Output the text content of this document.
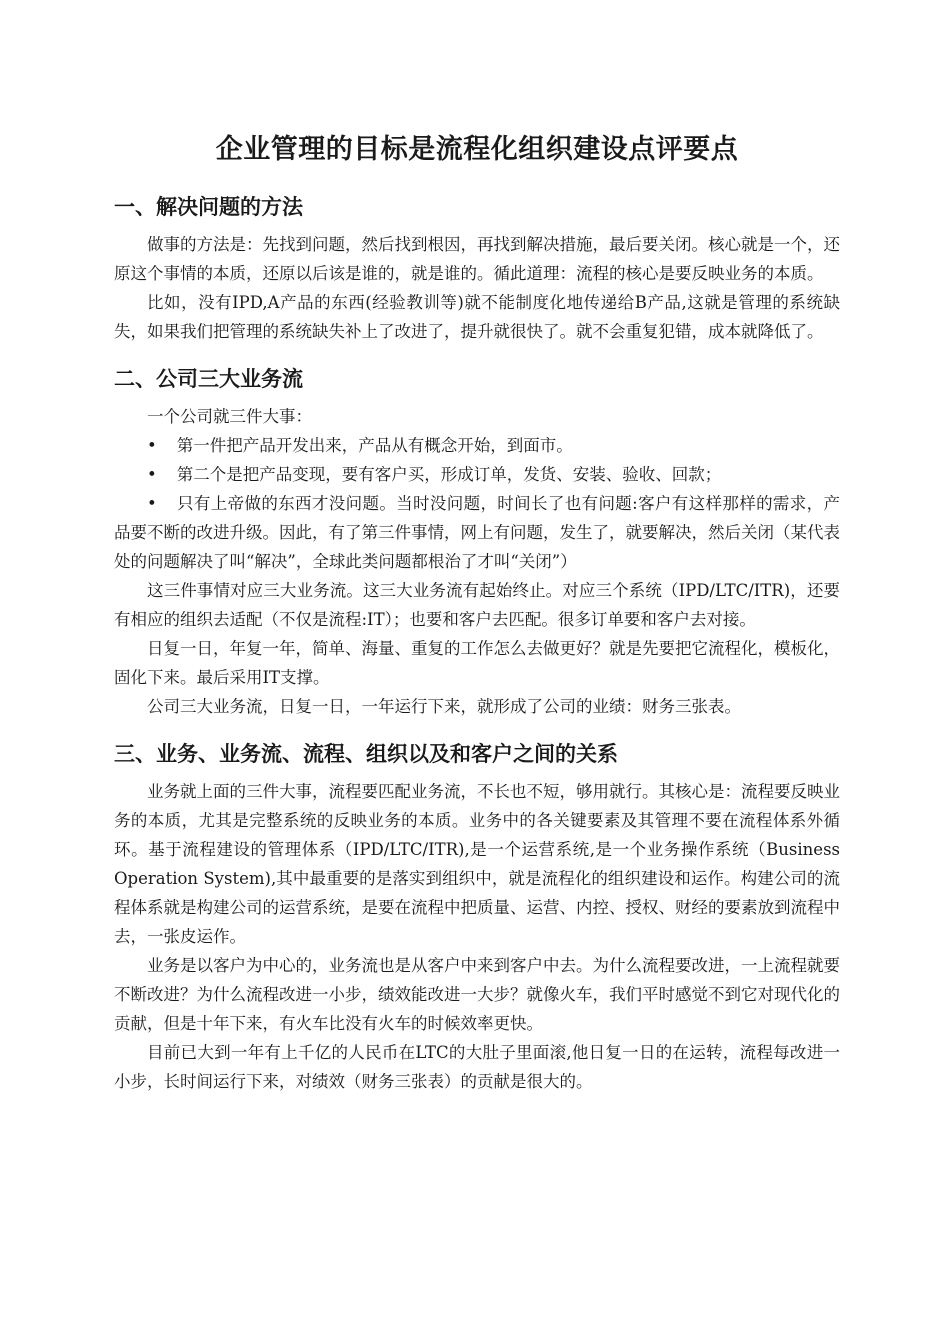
企业管理的目标是流程化组织建设点评要点
一、解决问题的方法

做事的方法是：先找到问题，然后找到根因，再找到解决措施，最后要关闭。核心就是一个，还原这个事情的本质，还原以后该是谁的，就是谁的。循此道理：流程的核心是要反映业务的本质。

比如，没有IPD,A产品的东西(经验教训等)就不能制度化地传递给B产品,这就是管理的系统缺失，如果我们把管理的系统缺失补上了改进了，提升就很快了。就不会重复犯错，成本就降低了。

二、公司三大业务流

一个公司就三件大事：

• 第一件把产品开发出来，产品从有概念开始，到面市。

• 第二个是把产品变现，要有客户买，形成订单，发货、安装、验收、回款；

• 只有上帝做的东西才没问题。当时没问题，时间长了也有问题:客户有这样那样的需求，产品要不断的改进升级。因此，有了第三件事情，网上有问题，发生了，就要解决，然后关闭（某代表处的问题解决了叫“解决”，全球此类问题都根治了才叫“关闭”）

这三件事情对应三大业务流。这三大业务流有起始终止。对应三个系统（IPD/LTC/ITR)，还要有相应的组织去适配（不仅是流程:IT）；也要和客户去匹配。很多订单要和客户去对接。

日复一日，年复一年，简单、海量、重复的工作怎么去做更好？就是先要把它流程化，模板化，固化下来。最后采用IT支撑。

公司三大业务流，日复一日，一年运行下来，就形成了公司的业绩：财务三张表。

三、业务、业务流、流程、组织以及和客户之间的关系

业务就上面的三件大事，流程要匹配业务流，不长也不短，够用就行。其核心是：流程要反映业务的本质，尤其是完整系统的反映业务的本质。业务中的各关键要素及其管理不要在流程体系外循环。基于流程建设的管理体系（IPD/LTC/ITR),是一个运营系统,是一个业务操作系统（Business Operation System),其中最重要的是落实到组织中，就是流程化的组织建设和运作。构建公司的流程体系就是构建公司的运营系统，是要在流程中把质量、运营、内控、授权、财经的要素放到流程中去，一张皮运作。

业务是以客户为中心的，业务流也是从客户中来到客户中去。为什么流程要改进，一上流程就要不断改进？为什么流程改进一小步，绩效能改进一大步？就像火车，我们平时感觉不到它对现代化的贡献，但是十年下来，有火车比没有火车的时候效率更快。

目前已大到一年有上千亿的人民币在LTC的大肚子里面滚,他日复一日的在运转，流程每改进一小步，长时间运行下来，对绩效（财务三张表）的贡献是很大的。
